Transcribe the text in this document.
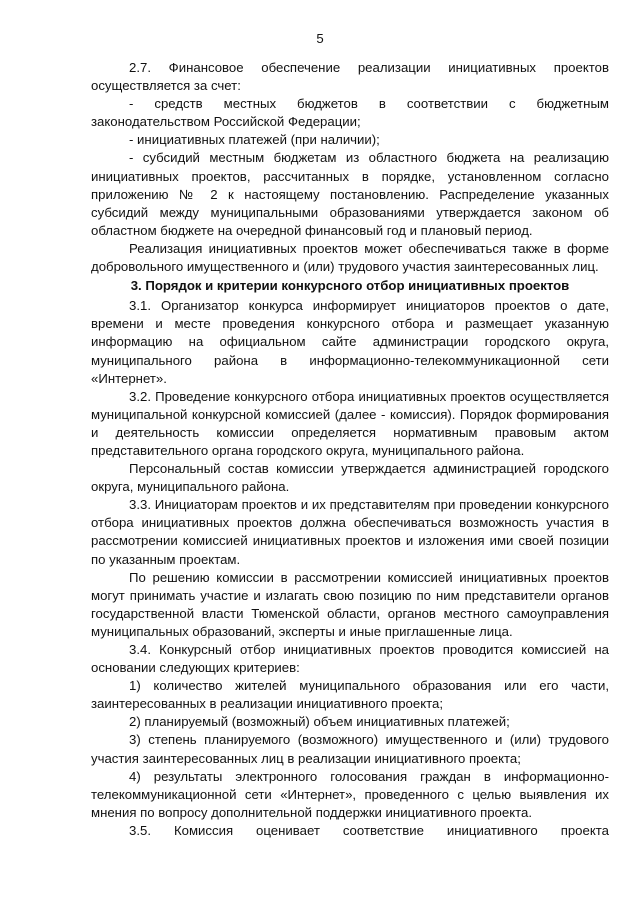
5

2.7. Финансовое обеспечение реализации инициативных проектов осуществляется за счет:

- средств местных бюджетов в соответствии с бюджетным законодательством Российской Федерации;

- инициативных платежей (при наличии);

- субсидий местным бюджетам из областного бюджета на реализацию инициативных проектов, рассчитанных в порядке, установленном согласно приложению № 2 к настоящему постановлению. Распределение указанных субсидий между муниципальными образованиями утверждается законом об областном бюджете на очередной финансовый год и плановый период.

Реализация инициативных проектов может обеспечиваться также в форме добровольного имущественного и (или) трудового участия заинтересованных лиц.

3. Порядок и критерии конкурсного отбор инициативных проектов

3.1. Организатор конкурса информирует инициаторов проектов о дате, времени и месте проведения конкурсного отбора и размещает указанную информацию на официальном сайте администрации городского округа, муниципального района в информационно-телекоммуникационной сети «Интернет».

3.2. Проведение конкурсного отбора инициативных проектов осуществляется муниципальной конкурсной комиссией (далее - комиссия). Порядок формирования и деятельность комиссии определяется нормативным правовым актом представительного органа городского округа, муниципального района.

Персональный состав комиссии утверждается администрацией городского округа, муниципального района.

3.3. Инициаторам проектов и их представителям при проведении конкурсного отбора инициативных проектов должна обеспечиваться возможность участия в рассмотрении комиссией инициативных проектов и изложения ими своей позиции по указанным проектам.

По решению комиссии в рассмотрении комиссией инициативных проектов могут принимать участие и излагать свою позицию по ним представители органов государственной власти Тюменской области, органов местного самоуправления муниципальных образований, эксперты и иные приглашенные лица.

3.4. Конкурсный отбор инициативных проектов проводится комиссией на основании следующих критериев:

1) количество жителей муниципального образования или его части, заинтересованных в реализации инициативного проекта;

2) планируемый (возможный) объем инициативных платежей;

3) степень планируемого (возможного) имущественного и (или) трудового участия заинтересованных лиц в реализации инициативного проекта;

4) результаты электронного голосования граждан в информационно-телекоммуникационной сети «Интернет», проведенного с целью выявления их мнения по вопросу дополнительной поддержки инициативного проекта.

3.5. Комиссия оценивает соответствие инициативного проекта
